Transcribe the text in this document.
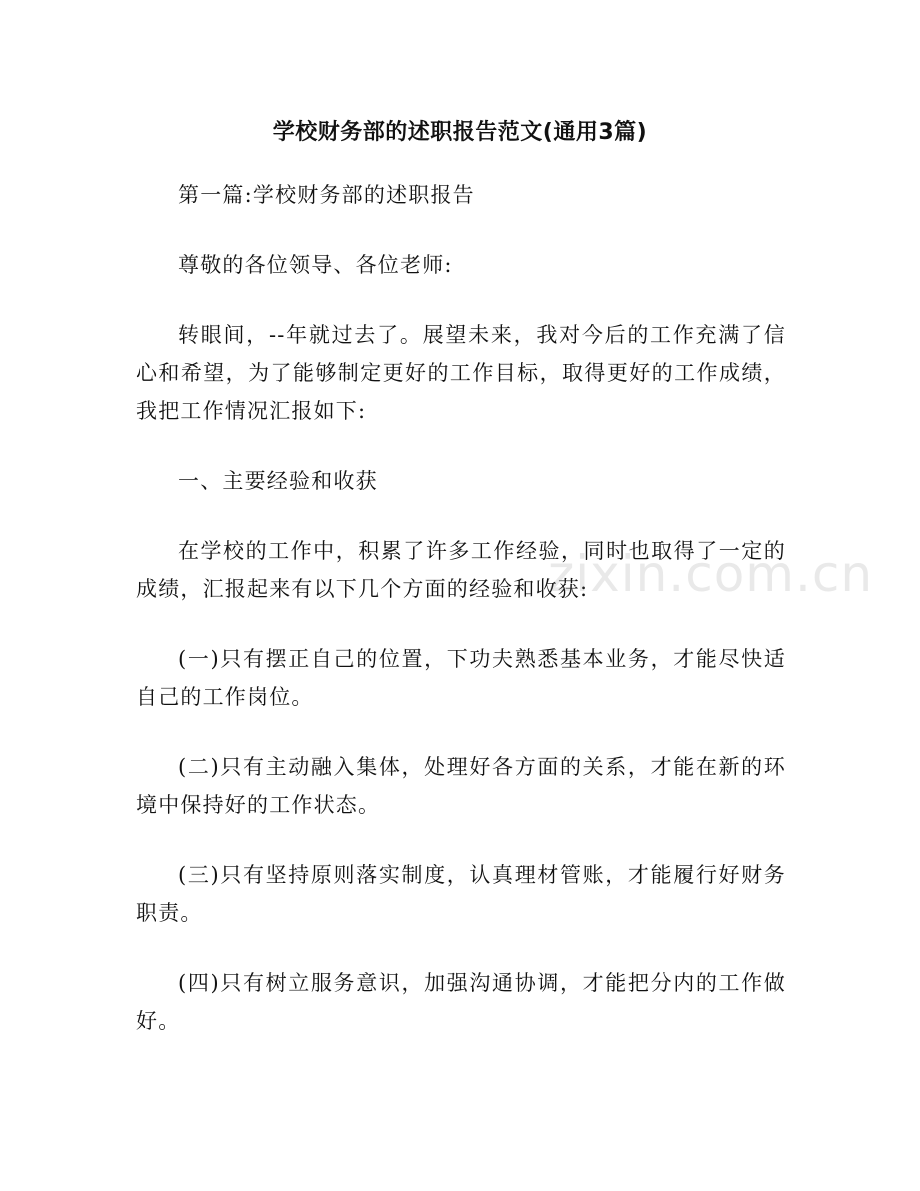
学校财务部的述职报告范文(通用3篇)

第一篇:学校财务部的述职报告

尊敬的各位领导、各位老师:

转眼间，--年就过去了。展望未来，我对今后的工作充满了信心和希望，为了能够制定更好的工作目标，取得更好的工作成绩，我把工作情况汇报如下:

一、主要经验和收获

在学校的工作中，积累了许多工作经验，同时也取得了一定的成绩，汇报起来有以下几个方面的经验和收获:

(一)只有摆正自己的位置，下功夫熟悉基本业务，才能尽快适自己的工作岗位。

(二)只有主动融入集体，处理好各方面的关系，才能在新的环境中保持好的工作状态。

(三)只有坚持原则落实制度，认真理材管账，才能履行好财务职责。

(四)只有树立服务意识，加强沟通协调，才能把分内的工作做好。

zixin.com.cn
